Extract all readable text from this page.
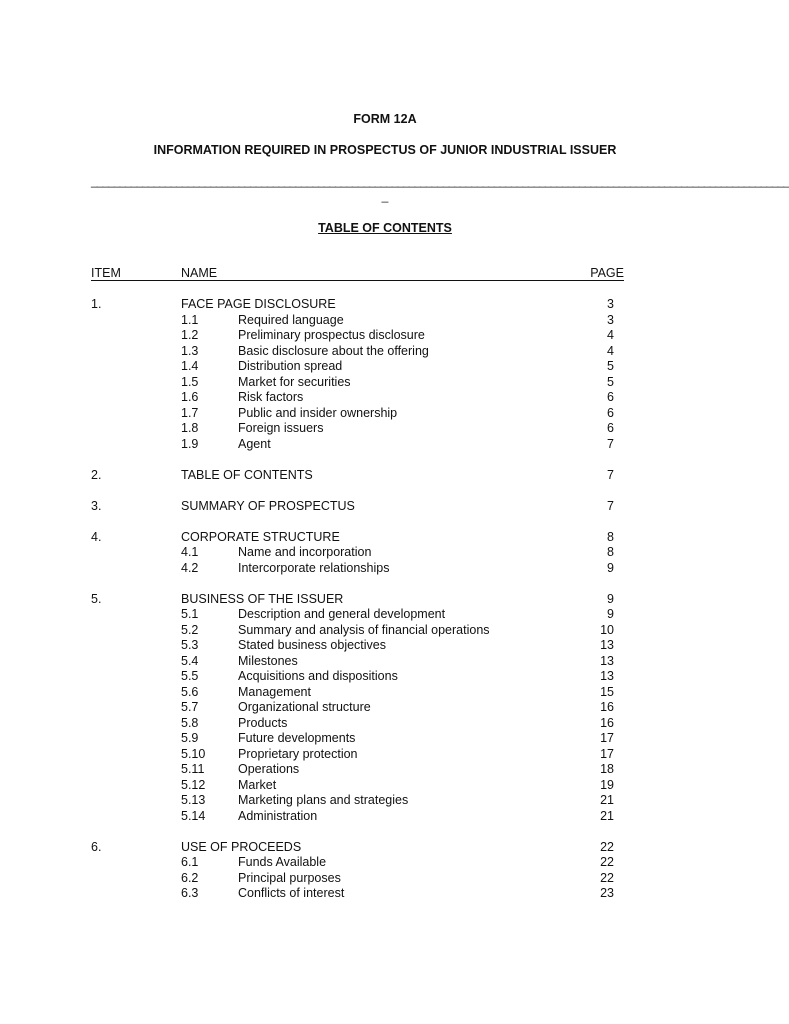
FORM 12A
INFORMATION REQUIRED IN PROSPECTUS OF JUNIOR INDUSTRIAL ISSUER
___________________________________________________________________________________________________________________________
_
TABLE OF CONTENTS
ITEM	NAME	PAGE
1.	FACE PAGE DISCLOSURE	3
1.1	Required language	3
1.2	Preliminary prospectus disclosure	4
1.3	Basic disclosure about the offering	4
1.4	Distribution spread	5
1.5	Market for securities	5
1.6	Risk factors	6
1.7	Public and insider ownership	6
1.8	Foreign issuers	6
1.9	Agent	7
2.	TABLE OF CONTENTS	7
3.	SUMMARY OF PROSPECTUS	7
4.	CORPORATE STRUCTURE	8
4.1	Name and incorporation	8
4.2	Intercorporate relationships	9
5.	BUSINESS OF THE ISSUER	9
5.1	Description and general development	9
5.2	Summary and analysis of financial operations	10
5.3	Stated business objectives	13
5.4	Milestones	13
5.5	Acquisitions and dispositions	13
5.6	Management	15
5.7	Organizational structure	16
5.8	Products	16
5.9	Future developments	17
5.10	Proprietary protection	17
5.11	Operations	18
5.12	Market	19
5.13	Marketing plans and strategies	21
5.14	Administration	21
6.	USE OF PROCEEDS	22
6.1	Funds Available	22
6.2	Principal purposes	22
6.3	Conflicts of interest	23
